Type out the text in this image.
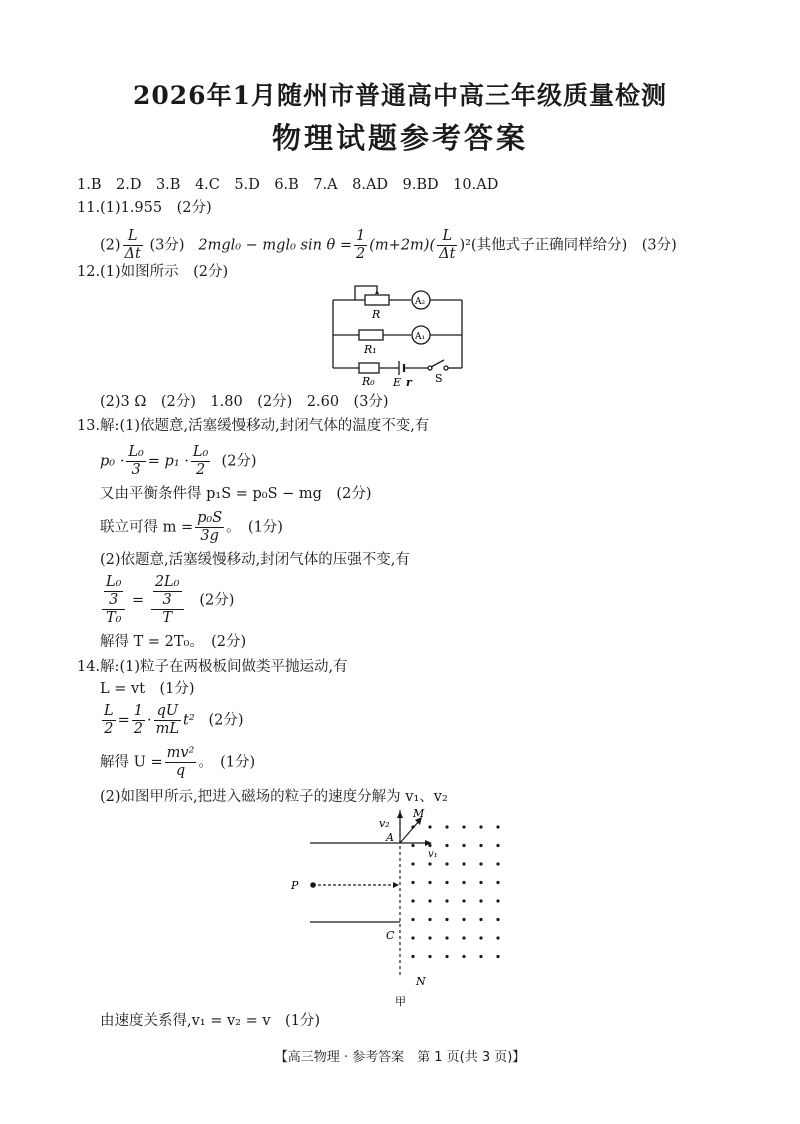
2026年1月随州市普通高中高三年级质量检测
物理试题参考答案
1.B　2.D　3.B　4.C　5.D　6.B　7.A　8.AD　9.BD　10.AD
11.(1)1.955　(2分)
$(2) \frac{L}{\Delta t} (3$分) 2mgl₀ − mgl₀ $\sin \theta = \frac{1}{2} (m+2m)( \frac{L}{\Delta t} )^2$(其他式子正确同样给分)　(3分)
12.(1)如图所示　(2分)
R
A₂
R₁
A₁
R₀ E r S
(2)3 Ω　(2分)　1.80　(2分)　2.60　(3分)
13.解:(1)依题意,活塞缓慢移动,封闭气体的温度不变,有
$p_0 \cdot \frac{\text{L₀}}{3} = p_1 \cdot \frac{\text{L₀}}{2} (2$分)
又由平衡条件得 p₁S = p₀S − mg　(2分)
联立可得 $m = \frac{\text{p₀S}}{3g}$ 。　(1分)
(2)依题意,活塞缓慢移动,封闭气体的压强不变,有
$\frac{\frac{\text{L₀}}{3}}{\text{T₀}} = \frac{\frac{\text{2L₀}}{3}}{T} (2$分)
解得 T = 2T₀。　(2分)
14.解:(1)粒子在两极板间做类平抛运动,有
L = vt　(1分)
$\frac{L}{2} = \frac{1}{2} \cdot \frac{qU}{mL} t^2$ (2分)
解得 $U = \frac{\text{mv²}}{q}$ 。　(1分)
(2)如图甲所示,把进入磁场的粒子的速度分解为 v₁、v₂
v₂
M
A
v₁
P
C
N
甲
由速度关系得,v₁ = v₂ = v　(1分)
【高三物理 · 参考答案　第 1 页(共 3 页)】
